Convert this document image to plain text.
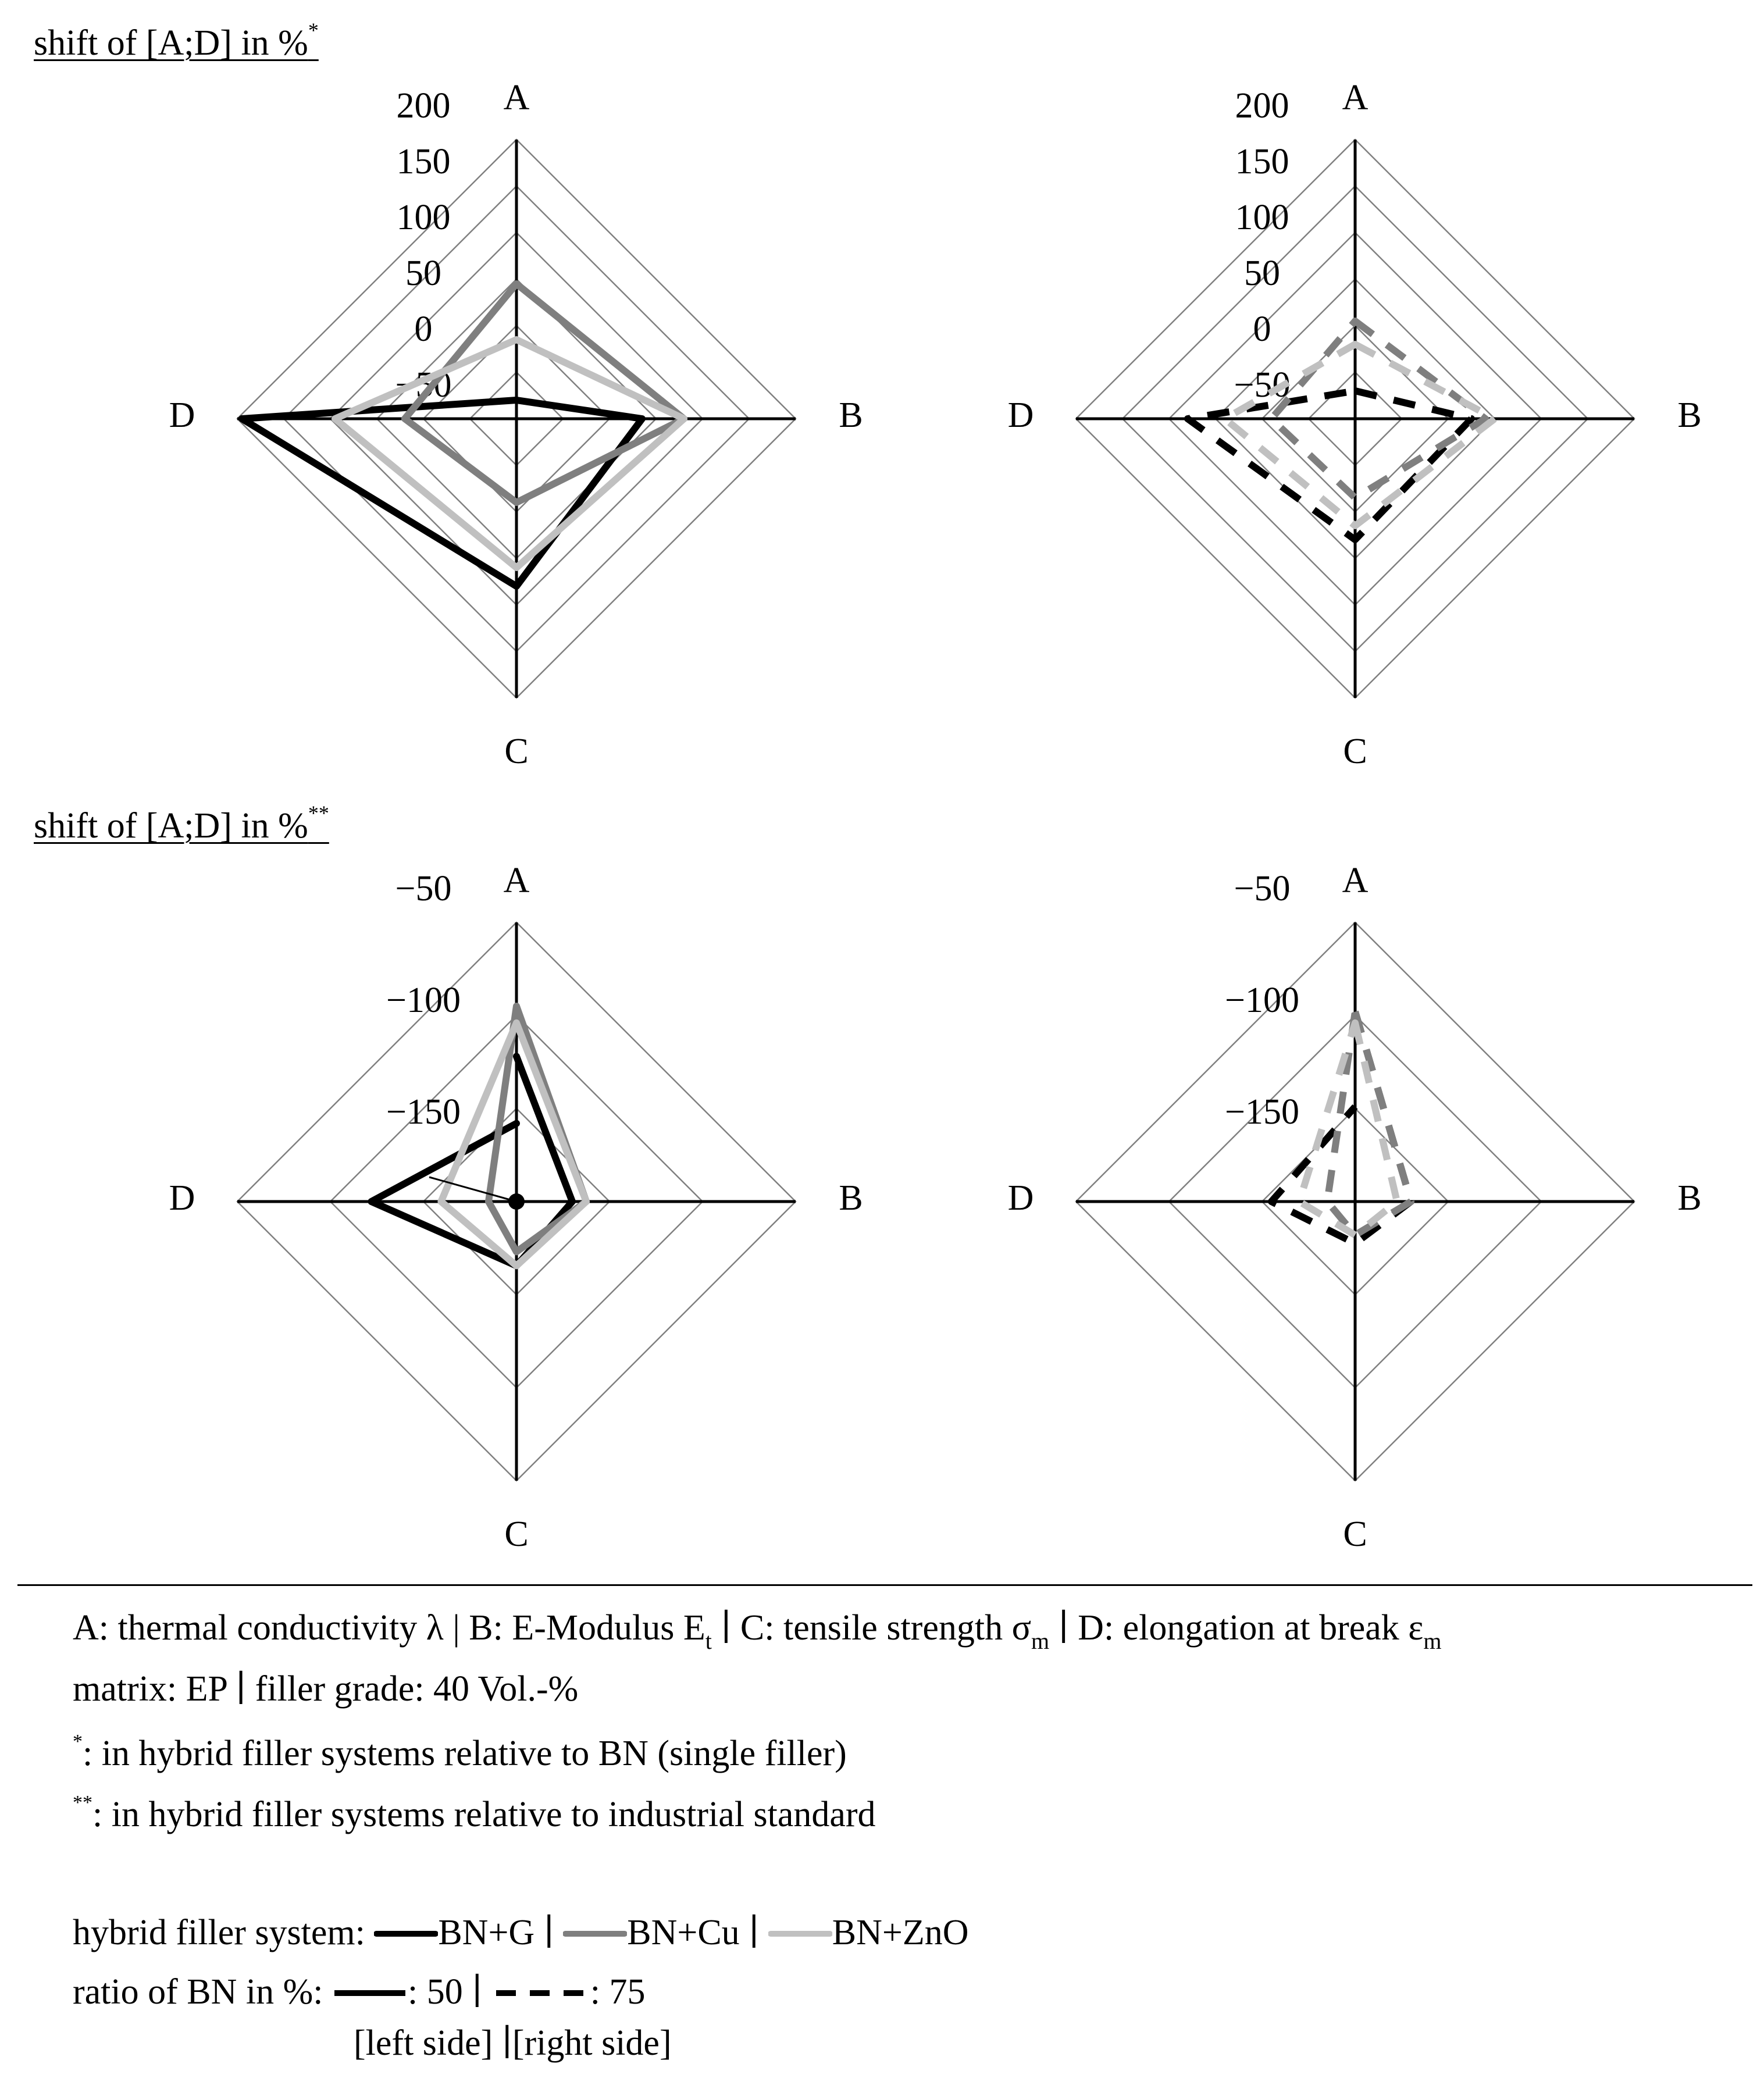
A
B
C
D
200
150
100
50
0
−50
A
B
C
D
200
150
100
50
0
−50
A
B
C
D
−50
−100
−150
A
B
C
D
−50
−100
−150
shift of [A;D] in %*
shift of [A;D] in %**
A: thermal conductivity λ | B: E-Modulus $E_t$ ∣ C: tensile strength $\sigma_m$ ∣ D: elongation at break $\varepsilon_m$
matrix: EP ∣ filler grade: 40 Vol.-%
*: in hybrid filler systems relative to BN (single filler)
**: in hybrid filler systems relative to industrial standard
hybrid filler system: BN+G ∣ BN+Cu ∣ BN+ZnO
ratio of BN in %: : 50 ∣	: 75
[left side] ∣[right side]
